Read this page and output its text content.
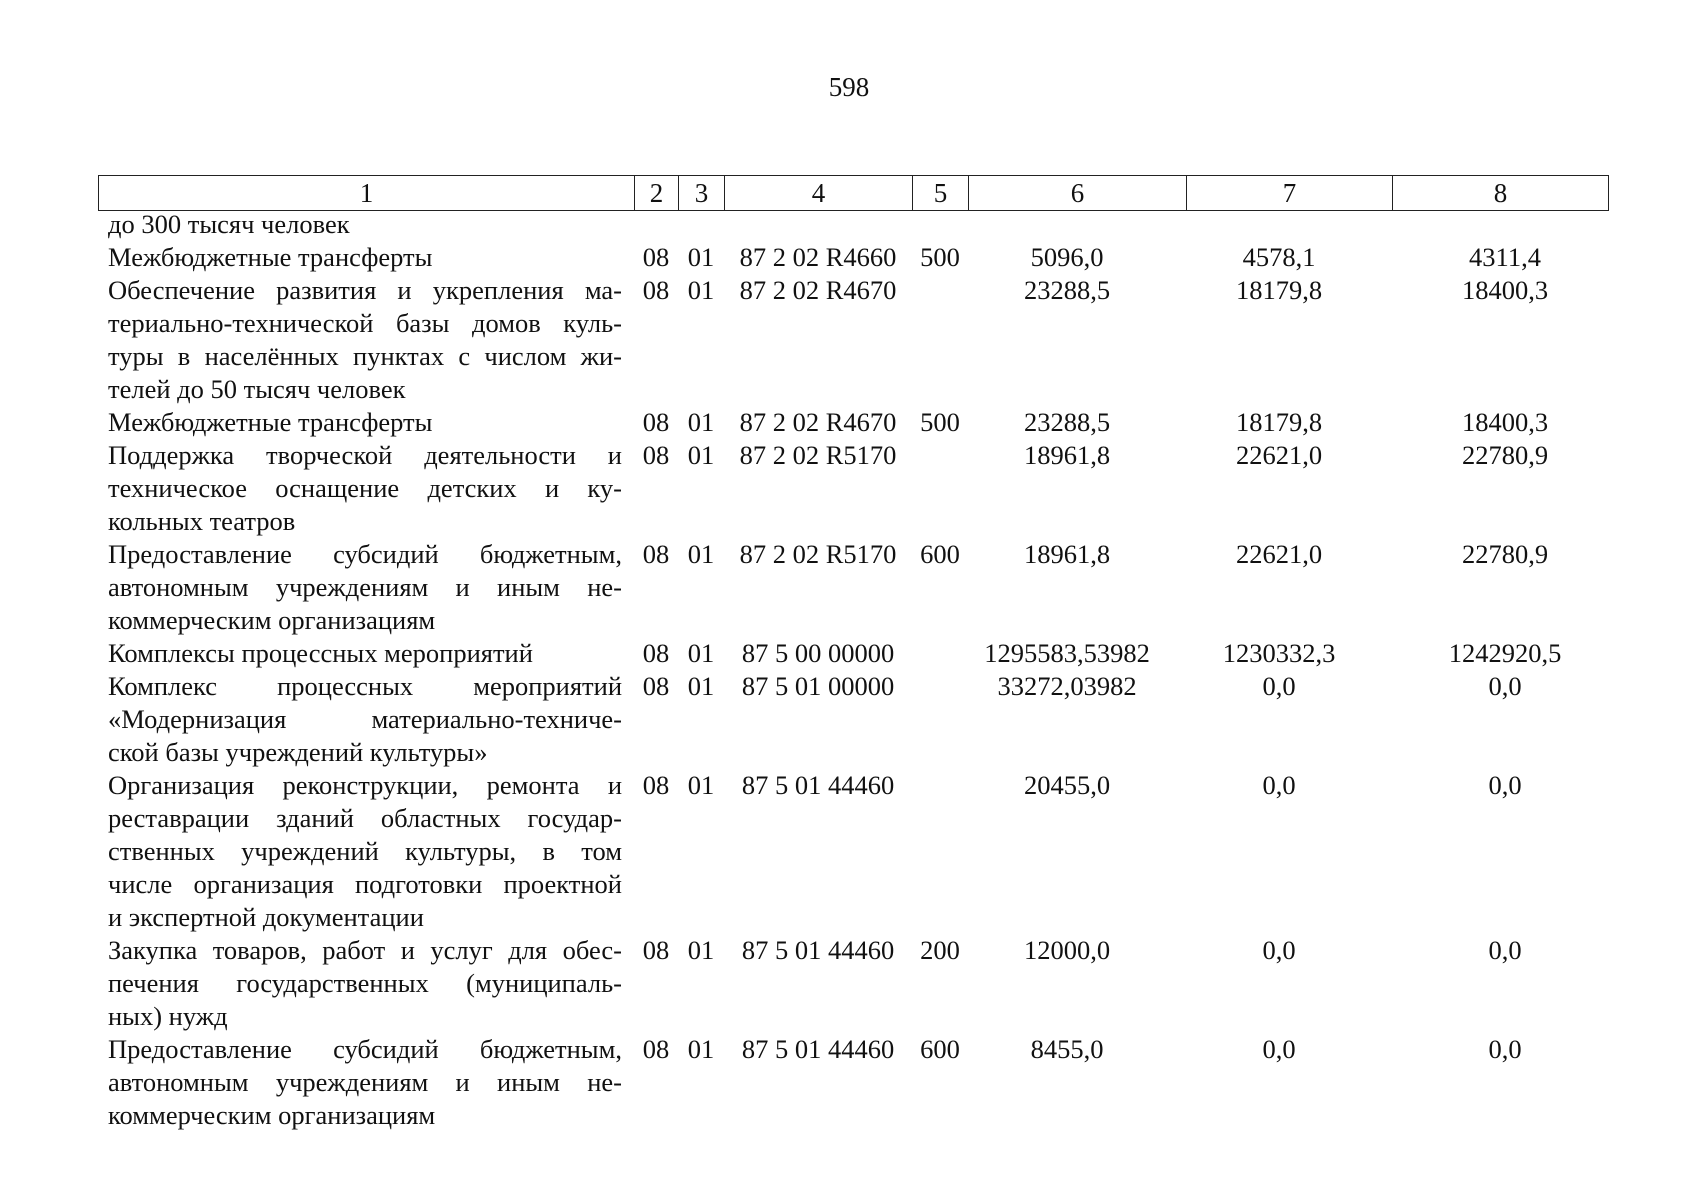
598
1	2	3	4	5	6	7	8
до 300 тысяч человек							

Межбюджетные трансферты	08	01	87 2 02 R4660	500	5096,0	4578,1	4311,4

Обеспечение развития и укрепления ма-
териально-технической базы домов куль-
туры в населённых пунктах с числом жи-
телей до 50 тысяч человек	08	01	87 2 02 R4670		23288,5	18179,8	18400,3

Межбюджетные трансферты	08	01	87 2 02 R4670	500	23288,5	18179,8	18400,3

Поддержка творческой деятельности и
техническое оснащение детских и ку-
кольных театров	08	01	87 2 02 R5170		18961,8	22621,0	22780,9

Предоставление субсидий бюджетным,
автономным учреждениям и иным не-
коммерческим организациям	08	01	87 2 02 R5170	600	18961,8	22621,0	22780,9

Комплексы процессных мероприятий	08	01	87 5 00 00000		1295583,53982	1230332,3	1242920,5

Комплекс процессных мероприятий
«Модернизация материально-техниче-
ской базы учреждений культуры»	08	01	87 5 01 00000		33272,03982	0,0	0,0

Организация реконструкции, ремонта и
реставрации зданий областных государ-
ственных учреждений культуры, в том
числе организация подготовки проектной
и экспертной документации	08	01	87 5 01 44460		20455,0	0,0	0,0

Закупка товаров, работ и услуг для обес-
печения государственных (муниципаль-
ных) нужд	08	01	87 5 01 44460	200	12000,0	0,0	0,0

Предоставление субсидий бюджетным,
автономным учреждениям и иным не-
коммерческим организациям	08	01	87 5 01 44460	600	8455,0	0,0	0,0
